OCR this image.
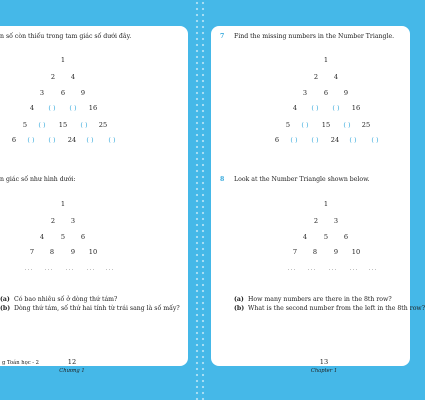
n số còn thiếu trong tam giác số dưới đây.
1
2 4
3	6 9
4 ( ) ( ) 16
5 ( ) 15 ( ) 25
6 ( ) ( ) 24 ( ) ( )
n giác số như hình dưới:
1
2 3
4	5 6
7 8	9 10
... ... ... ... ...
(a) Có bao nhiêu số ở dòng thứ tám?
(b) Dòng thứ tám, số thứ hai tính từ trái sang là số mấy?
g Toán học - 2	12
Chương 1
7 Find the missing numbers in the Number Triangle.
1
2 4
3	6 9
4 ( ) ( ) 16
5 ( ) 15 ( ) 25
6 ( ) ( ) 24 ( ) ( )
8 Look at the Number Triangle shown below.
1
2 3
4	5 6
7 8	9 10
... ... ... ... ...
(a) How many numbers are there in the 8th row?
(b) What is the second number from the left in the 8th row?
13
Chapter 1
